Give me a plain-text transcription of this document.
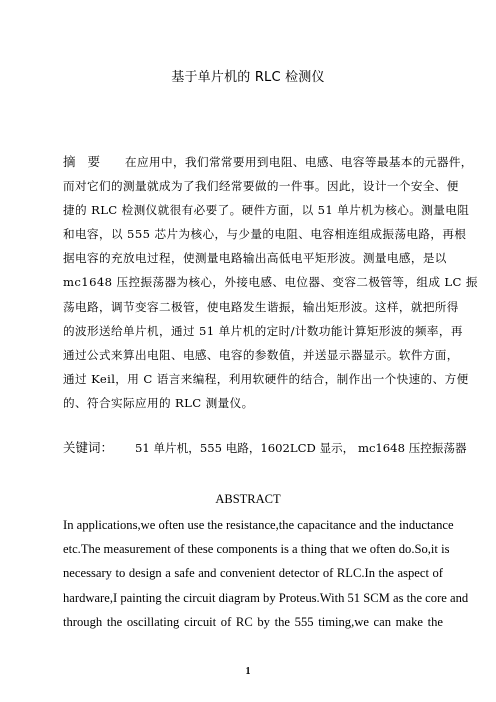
基于单片机的 RLC 检测仪
摘 要 在应用中，我们常常要用到电阻、电感、电容等最基本的元器件，
而对它们的测量就成为了我们经常要做的一件事。因此，设计一个安全、便
捷的 RLC 检测仪就很有必要了。硬件方面，以 51 单片机为核心。测量电阻
和电容，以 555 芯片为核心，与少量的电阻、电容相连组成振荡电路，再根
据电容的充放电过程，使测量电路输出高低电平矩形波。测量电感，是以
mc1648 压控振荡器为核心，外接电感、电位器、变容二极管等，组成 LC 振
荡电路，调节变容二极管，使电路发生谐振，输出矩形波。这样，就把所得
的波形送给单片机，通过 51 单片机的定时/计数功能计算矩形波的频率，再
通过公式来算出电阻、电感、电容的参数值，并送显示器显示。软件方面，
通过 Keil，用 C 语言来编程，利用软硬件的结合，制作出一个快速的、方便
的、符合实际应用的 RLC 测量仪。
关键词： 51 单片机，555 电路，1602LCD 显示， mc1648 压控振荡器
ABSTRACT
In applications,we often use the resistance,the capacitance and the inductance
etc.The measurement of these components is a thing that we often do.So,it is
necessary to design a safe and convenient detector of RLC.In the aspect of
hardware,I painting the circuit diagram by Proteus.With 51 SCM as the core and
through the oscillating circuit of RC by the 555 timing,we can make the
1
